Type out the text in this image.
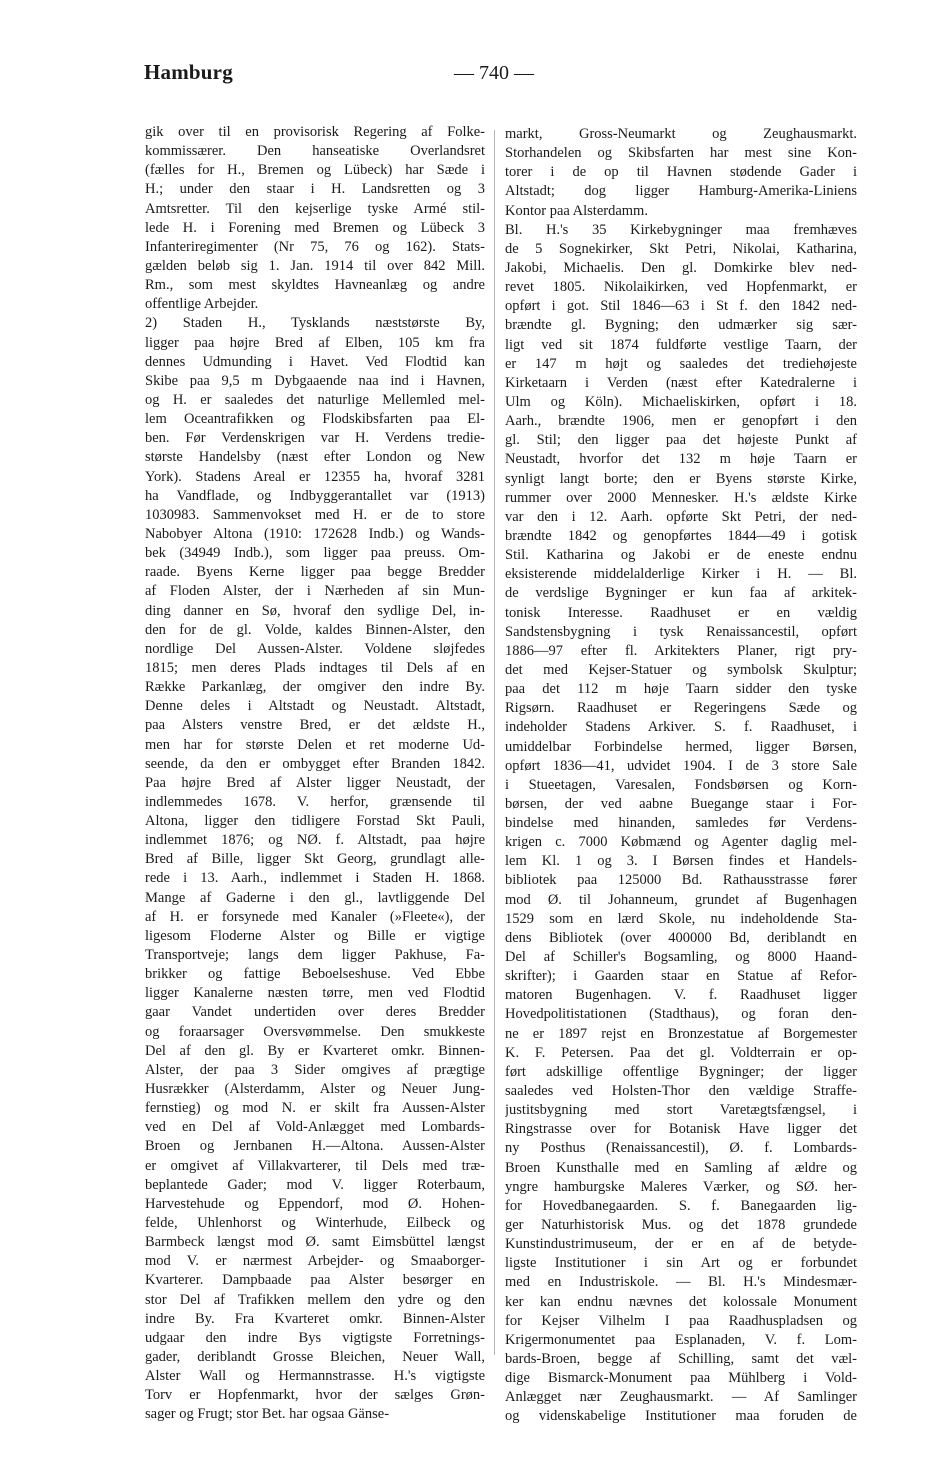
Hamburg	— 740 —
gik over til en provisorisk Regering af Folke-
kommissærer. Den hanseatiske Overlandsret
(fælles for H., Bremen og Lübeck) har Sæde i
H.; under den staar i H. Landsretten og 3
Amtsretter. Til den kejserlige tyske Armé stil-
lede H. i Forening med Bremen og Lübeck 3
Infanteriregimenter (Nr 75, 76 og 162). Stats-
gælden beløb sig 1. Jan. 1914 til over 842 Mill.
Rm., som mest skyldtes Havneanlæg og andre
offentlige Arbejder.
2) Staden H., Tysklands næststørste By,
ligger paa højre Bred af Elben, 105 km fra
dennes Udmunding i Havet. Ved Flodtid kan
Skibe paa 9,5 m Dybgaaende naa ind i Havnen,
og H. er saaledes det naturlige Mellemled mel-
lem Oceantrafikken og Flodskibsfarten paa El-
ben. Før Verdenskrigen var H. Verdens tredie-
største Handelsby (næst efter London og New
York). Stadens Areal er 12355 ha, hvoraf 3281
ha Vandflade, og Indbyggerantallet var (1913)
1030983. Sammenvokset med H. er de to store
Nabobyer Altona (1910: 172628 Indb.) og Wands-
bek (34949 Indb.), som ligger paa preuss. Om-
raade. Byens Kerne ligger paa begge Bredder
af Floden Alster, der i Nærheden af sin Mun-
ding danner en Sø, hvoraf den sydlige Del, in-
den for de gl. Volde, kaldes Binnen-Alster, den
nordlige Del Aussen-Alster. Voldene sløjfedes
1815; men deres Plads indtages til Dels af en
Række Parkanlæg, der omgiver den indre By.
Denne deles i Altstadt og Neustadt. Altstadt,
paa Alsters venstre Bred, er det ældste H.,
men har for største Delen et ret moderne Ud-
seende, da den er ombygget efter Branden 1842.
Paa højre Bred af Alster ligger Neustadt, der
indlemmedes 1678. V. herfor, grænsende til
Altona, ligger den tidligere Forstad Skt Pauli,
indlemmet 1876; og NØ. f. Altstadt, paa højre
Bred af Bille, ligger Skt Georg, grundlagt alle-
rede i 13. Aarh., indlemmet i Staden H. 1868.
Mange af Gaderne i den gl., lavtliggende Del
af H. er forsynede med Kanaler (»Fleete«), der
ligesom Floderne Alster og Bille er vigtige
Transportveje; langs dem ligger Pakhuse, Fa-
brikker og fattige Beboelseshuse. Ved Ebbe
ligger Kanalerne næsten tørre, men ved Flodtid
gaar Vandet undertiden over deres Bredder
og foraarsager Oversvømmelse. Den smukkeste
Del af den gl. By er Kvarteret omkr. Binnen-
Alster, der paa 3 Sider omgives af prægtige
Husrækker (Alsterdamm, Alster og Neuer Jung-
fernstieg) og mod N. er skilt fra Aussen-Alster
ved en Del af Vold-Anlægget med Lombards-
Broen og Jernbanen H.—Altona. Aussen-Alster
er omgivet af Villakvarterer, til Dels med træ-
beplantede Gader; mod V. ligger Roterbaum,
Harvestehude og Eppendorf, mod Ø. Hohen-
felde, Uhlenhorst og Winterhude, Eilbeck og
Barmbeck længst mod Ø. samt Eimsbüttel længst
mod V. er nærmest Arbejder- og Smaaborger-
Kvarterer. Dampbaade paa Alster besørger en
stor Del af Trafikken mellem den ydre og den
indre By. Fra Kvarteret omkr. Binnen-Alster
udgaar den indre Bys vigtigste Forretnings-
gader, deriblandt Grosse Bleichen, Neuer Wall,
Alster Wall og Hermannstrasse. H.'s vigtigste
Torv er Hopfenmarkt, hvor der sælges Grøn-
sager og Frugt; stor Bet. har ogsaa Gänse-
markt, Gross-Neumarkt og Zeughausmarkt.
Storhandelen og Skibsfarten har mest sine Kon-
torer i de op til Havnen stødende Gader i
Altstadt; dog ligger Hamburg-Amerika-Liniens
Kontor paa Alsterdamm.
Bl. H.'s 35 Kirkebygninger maa fremhæves
de 5 Sognekirker, Skt Petri, Nikolai, Katharina,
Jakobi, Michaelis. Den gl. Domkirke blev ned-
revet 1805. Nikolaikirken, ved Hopfenmarkt, er
opført i got. Stil 1846—63 i St f. den 1842 ned-
brændte gl. Bygning; den udmærker sig sær-
ligt ved sit 1874 fuldførte vestlige Taarn, der
er 147 m højt og saaledes det trediehøjeste
Kirketaarn i Verden (næst efter Katedralerne i
Ulm og Köln). Michaeliskirken, opført i 18.
Aarh., brændte 1906, men er genopført i den
gl. Stil; den ligger paa det højeste Punkt af
Neustadt, hvorfor det 132 m høje Taarn er
synligt langt borte; den er Byens største Kirke,
rummer over 2000 Mennesker. H.'s ældste Kirke
var den i 12. Aarh. opførte Skt Petri, der ned-
brændte 1842 og genopførtes 1844—49 i gotisk
Stil. Katharina og Jakobi er de eneste endnu
eksisterende middelalderlige Kirker i H. — Bl.
de verdslige Bygninger er kun faa af arkitek-
tonisk Interesse. Raadhuset er en vældig
Sandstensbygning i tysk Renaissancestil, opført
1886—97 efter fl. Arkitekters Planer, rigt pry-
det med Kejser-Statuer og symbolsk Skulptur;
paa det 112 m høje Taarn sidder den tyske
Rigsørn. Raadhuset er Regeringens Sæde og
indeholder Stadens Arkiver. S. f. Raadhuset, i
umiddelbar Forbindelse hermed, ligger Børsen,
opført 1836—41, udvidet 1904. I de 3 store Sale
i Stueetagen, Varesalen, Fondsbørsen og Korn-
børsen, der ved aabne Buegange staar i For-
bindelse med hinanden, samledes før Verdens-
krigen c. 7000 Købmænd og Agenter daglig mel-
lem Kl. 1 og 3. I Børsen findes et Handels-
bibliotek paa 125000 Bd. Rathausstrasse fører
mod Ø. til Johanneum, grundet af Bugenhagen
1529 som en lærd Skole, nu indeholdende Sta-
dens Bibliotek (over 400000 Bd, deriblandt en
Del af Schiller's Bogsamling, og 8000 Haand-
skrifter); i Gaarden staar en Statue af Refor-
matoren Bugenhagen. V. f. Raadhuset ligger
Hovedpolitistationen (Stadthaus), og foran den-
ne er 1897 rejst en Bronzestatue af Borgemester
K. F. Petersen. Paa det gl. Voldterrain er op-
ført adskillige offentlige Bygninger; der ligger
saaledes ved Holsten-Thor den vældige Straffe-
justitsbygning med stort Varetægtsfængsel, i
Ringstrasse over for Botanisk Have ligger det
ny Posthus (Renaissancestil), Ø. f. Lombards-
Broen Kunsthalle med en Samling af ældre og
yngre hamburgske Maleres Værker, og SØ. her-
for Hovedbanegaarden. S. f. Banegaarden lig-
ger Naturhistorisk Mus. og det 1878 grundede
Kunstindustrimuseum, der er en af de betyde-
ligste Institutioner i sin Art og er forbundet
med en Industriskole. — Bl. H.'s Mindesmær-
ker kan endnu nævnes det kolossale Monument
for Kejser Vilhelm I paa Raadhuspladsen og
Krigermonumentet paa Esplanaden, V. f. Lom-
bards-Broen, begge af Schilling, samt det væl-
dige Bismarck-Monument paa Mühlberg i Vold-
Anlægget nær Zeughausmarkt. — Af Samlinger
og videnskabelige Institutioner maa foruden de
